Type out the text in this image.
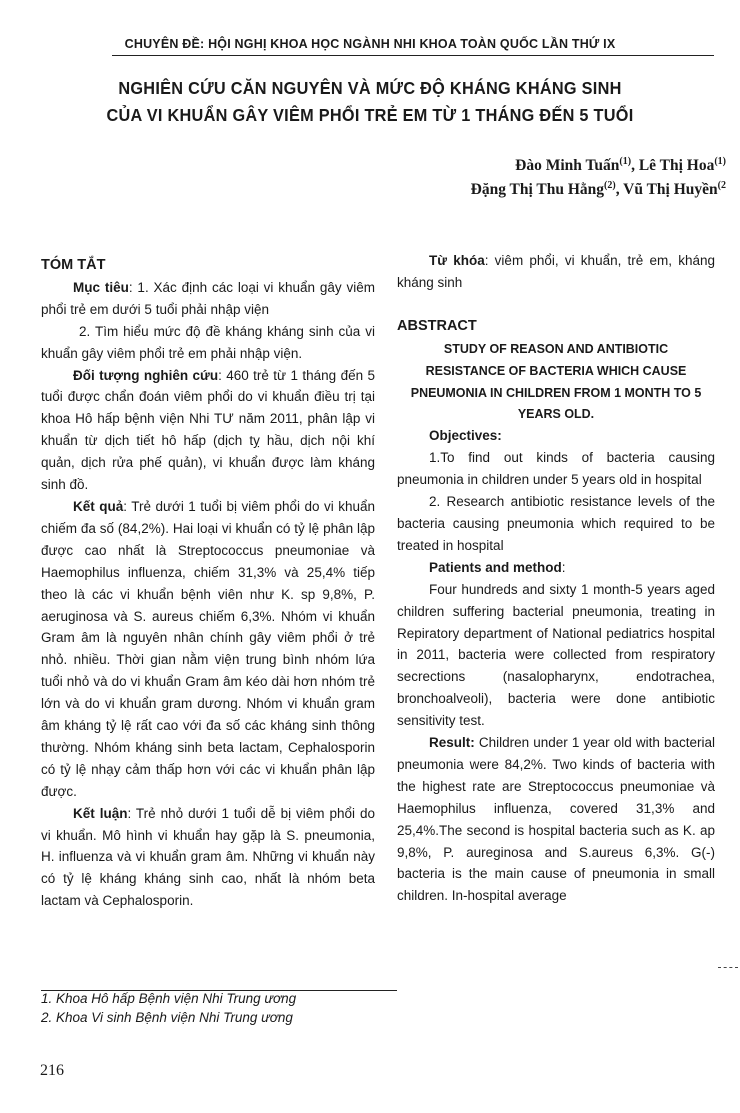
CHUYÊN ĐỀ: HỘI NGHỊ KHOA HỌC NGÀNH NHI KHOA TOÀN QUỐC LẦN THỨ IX
NGHIÊN CỨU CĂN NGUYÊN VÀ MỨC ĐỘ KHÁNG KHÁNG SINH
CỦA VI KHUẨN GÂY VIÊM PHỔI TRẺ EM TỪ 1 THÁNG ĐẾN 5 TUỔI
Đào Minh Tuấn$^{(1)}$, Lê Thị Hoa$^{(1)}$
Đặng Thị Thu Hằng$^{(2)}$, Vũ Thị Huyền$^{(2}$

TÓM TẮT

Mục tiêu: 1. Xác định các loại vi khuẩn gây viêm phổi trẻ em dưới 5 tuổi phải nhập viện

2. Tìm hiểu mức độ đề kháng kháng sinh của vi khuẩn gây viêm phổi trẻ em phải nhập viện.

Đối tượng nghiên cứu: 460 trẻ từ 1 tháng đến 5 tuổi được chẩn đoán viêm phổi do vi khuẩn điều trị tại khoa Hô hấp bệnh viện Nhi TƯ năm 2011, phân lập vi khuẩn từ dịch tiết hô hấp (dịch tỵ hầu, dịch nội khí quản, dịch rửa phế quản), vi khuẩn được làm kháng sinh đồ.

Kết quả: Trẻ dưới 1 tuổi bị viêm phổi do vi khuẩn chiếm đa số (84,2%). Hai loại vi khuẩn có tỷ lệ phân lập được cao nhất là Streptococcus pneumoniae và Haemophilus influenza, chiếm 31,3% và 25,4% tiếp theo là các vi khuẩn bệnh viên như K. sp 9,8%, P. aeruginosa và S. aureus chiếm 6,3%. Nhóm vi khuẩn Gram âm là nguyên nhân chính gây viêm phổi ở trẻ nhỏ. nhiều. Thời gian nằm viện trung bình nhóm lứa tuổi nhỏ và do vi khuẩn Gram âm kéo dài hơn nhóm trẻ lớn và do vi khuẩn gram dương. Nhóm vi khuẩn gram âm kháng tỷ lệ rất cao với đa số các kháng sinh thông thường. Nhóm kháng sinh beta lactam, Cephalosporin có tỷ lệ nhạy cảm thấp hơn với các vi khuẩn phân lập được.

Kết luận: Trẻ nhỏ dưới 1 tuổi dễ bị viêm phổi do vi khuẩn. Mô hình vi khuẩn hay gặp là S. pneumonia, H. influenza và vi khuẩn gram âm. Những vi khuẩn này có tỷ lệ kháng kháng sinh cao, nhất là nhóm beta lactam và Cephalosporin.

Từ khóa: viêm phổi, vi khuẩn, trẻ em, kháng kháng sinh

ABSTRACT

STUDY OF REASON AND ANTIBIOTIC RESISTANCE OF BACTERIA WHICH CAUSE PNEUMONIA IN CHILDREN FROM 1 MONTH TO 5 YEARS OLD.

Objectives:

1.To find out kinds of bacteria causing pneumonia in children under 5 years old in hospital

2. Research antibiotic resistance levels of the bacteria causing pneumonia which required to be treated in hospital

Patients and method:

Four hundreds and sixty 1 month-5 years aged children suffering bacterial pneumonia, treating in Repiratory department of National pediatrics hospital in 2011, bacteria were collected from respiratory secrections (nasalopharynx, endotrachea, bronchoalveoli), bacteria were done antibiotic sensitivity test.

Result: Children under 1 year old with bacterial pneumonia were 84,2%. Two kinds of bacteria with the highest rate are Streptococcus pneumoniae và Haemophilus influenza, covered 31,3% and 25,4%.The second is hospital bacteria such as K. ap 9,8%, P. aureginosa and S.aureus 6,3%. G(-) bacteria is the main cause of pneumonia in small children. In-hospital average

1. Khoa Hô hấp Bệnh viện Nhi Trung ương
2. Khoa Vi sinh Bệnh viện Nhi Trung ương
216
